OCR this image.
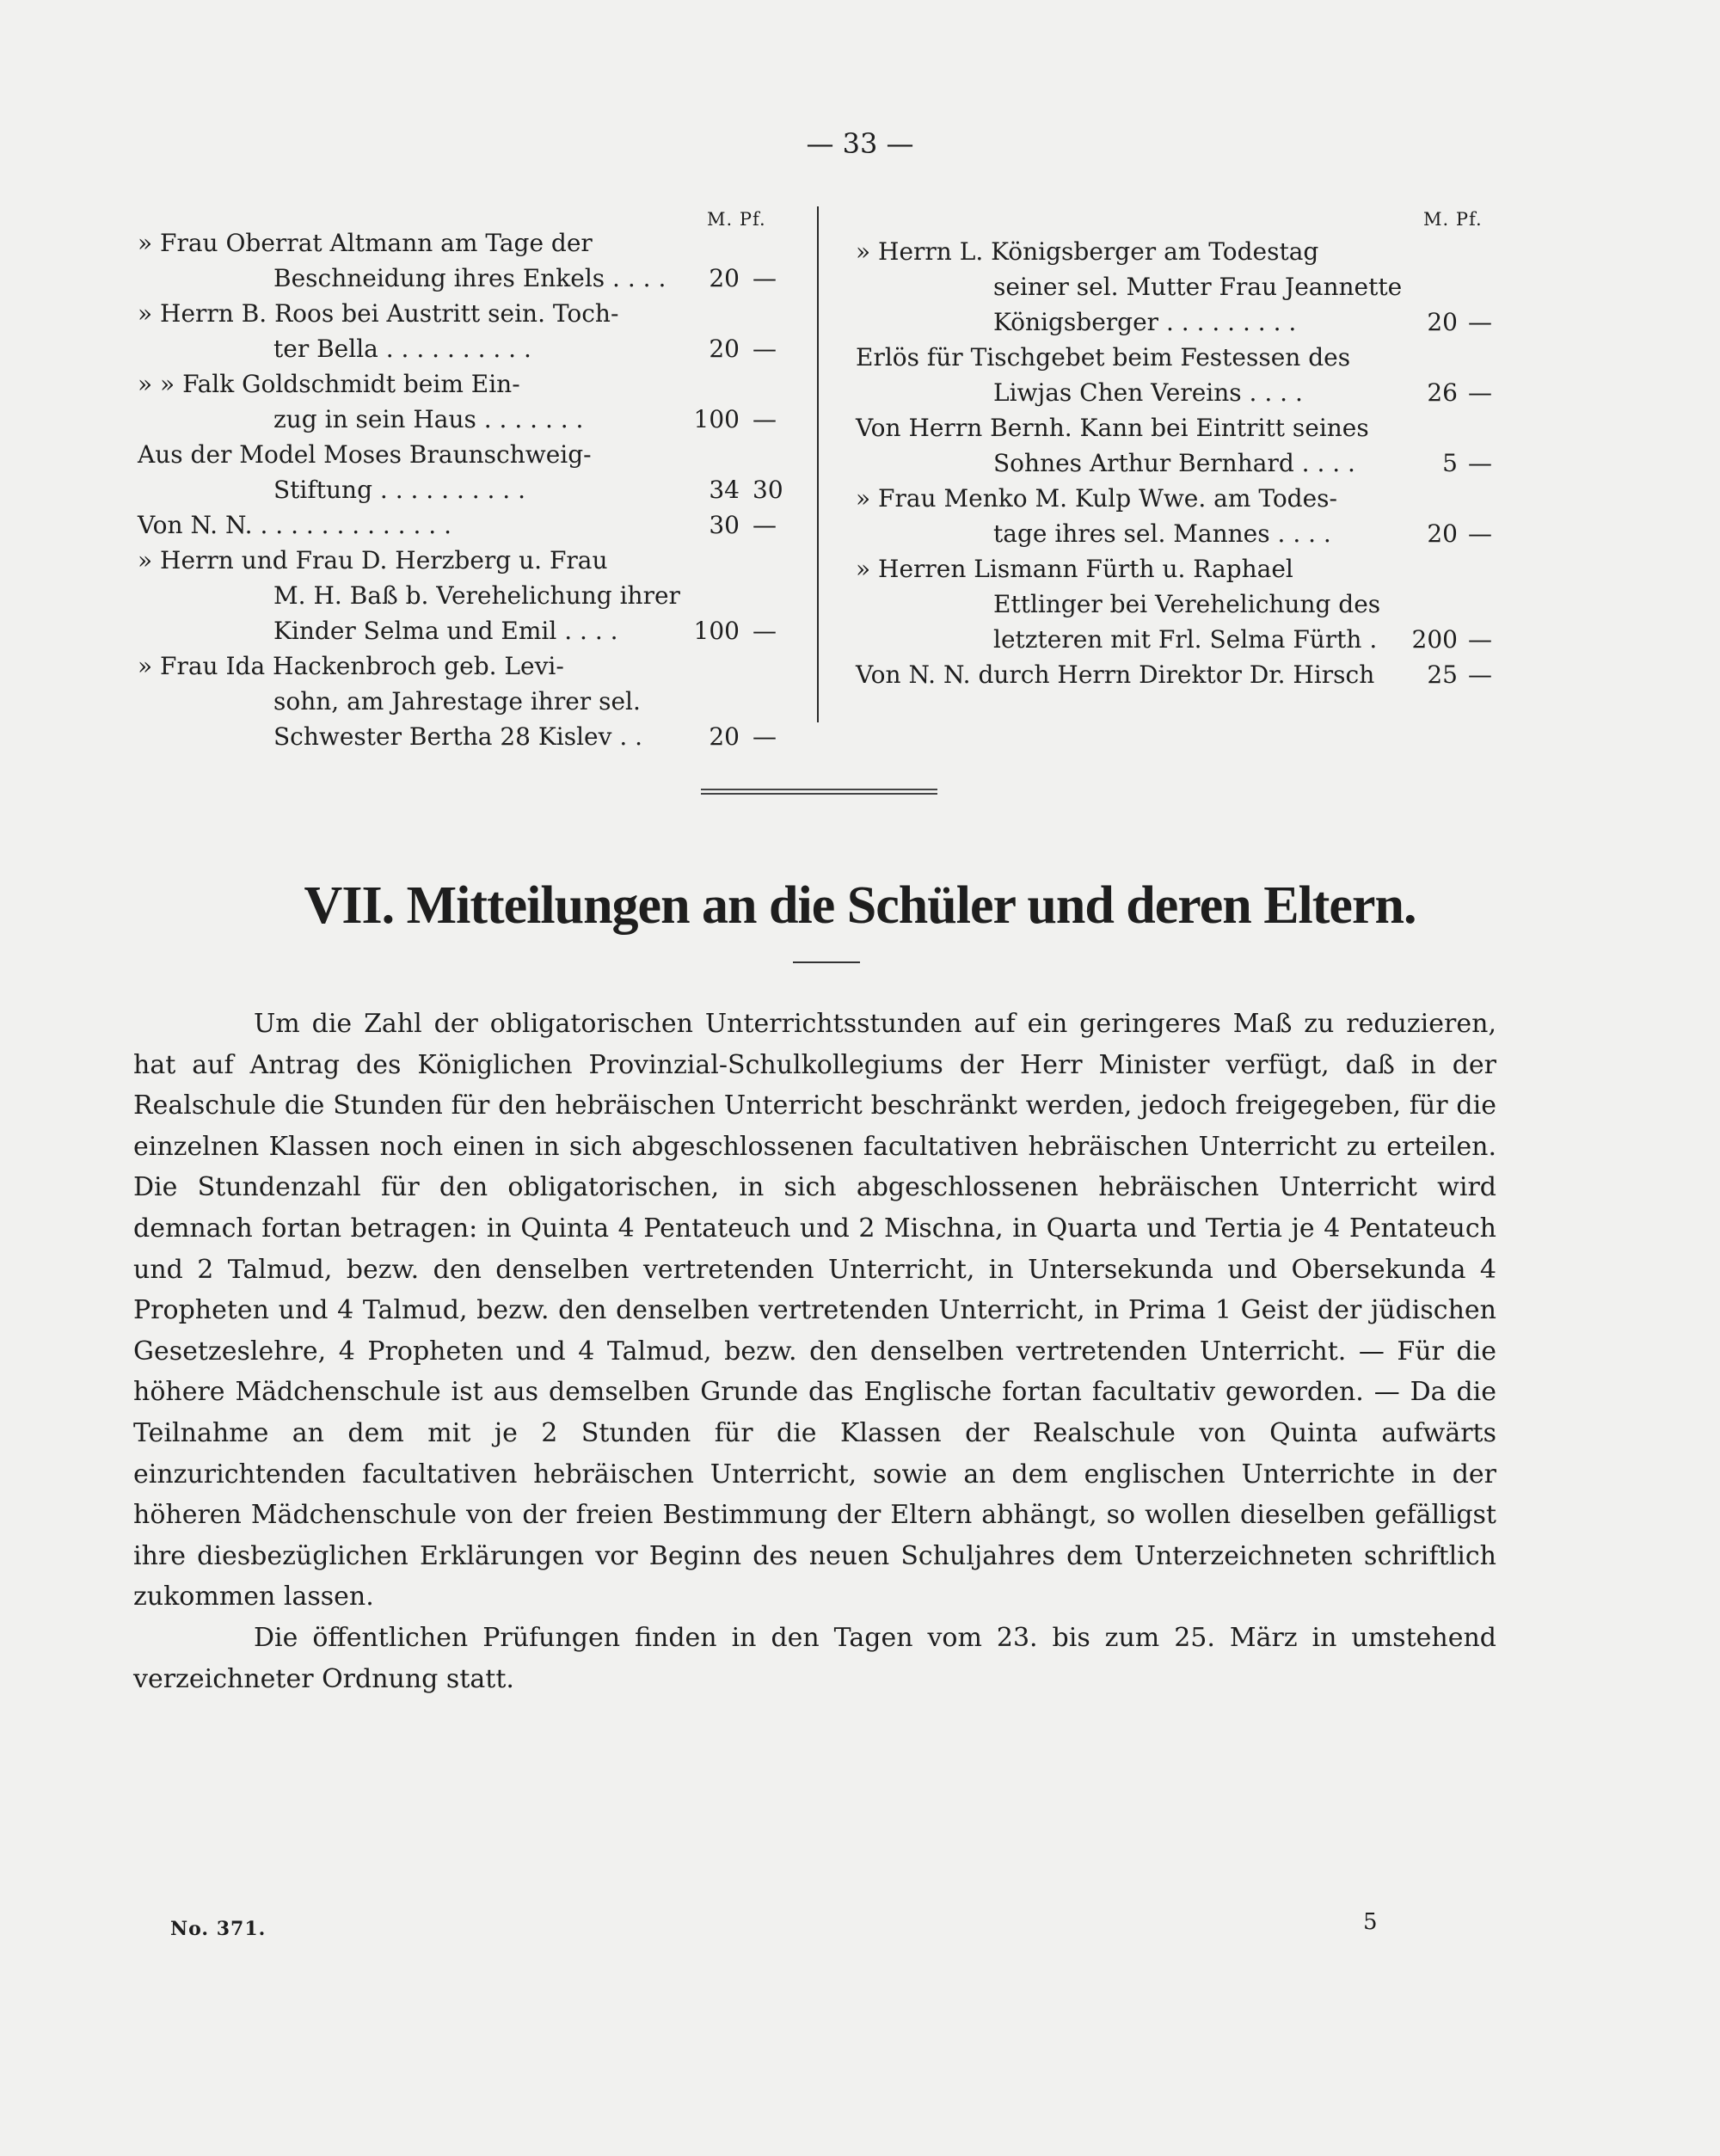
— 33 —
M. Pf.	M. Pf.
» Frau Oberrat Altmann am Tage der
Beschneidung ihres Enkels . . . .	20 —
» Herrn B. Roos bei Austritt sein. Toch-
ter Bella . . . . . . . . . .	20 —
» » Falk Goldschmidt beim Ein-
zug in sein Haus . . . . . . .	100 —
Aus der Model Moses Braunschweig-
Stiftung . . . . . . . . . .	34 30
Von N. N. . . . . . . . . . . . . .	30 —
» Herrn und Frau D. Herzberg u. Frau
M. H. Baß b. Verehelichung ihrer
Kinder Selma und Emil . . . .	100 —
» Frau Ida Hackenbroch geb. Levi-
sohn, am Jahrestage ihrer sel.
Schwester Bertha 28 Kislev . .	20 —
» Herrn L. Königsberger am Todestag
seiner sel. Mutter Frau Jeannette
Königsberger . . . . . . . . .	20 —
Erlös für Tischgebet beim Festessen des
Liwjas Chen Vereins . . . .	26 —
Von Herrn Bernh. Kann bei Eintritt seines
Sohnes Arthur Bernhard . . . .	5 —
» Frau Menko M. Kulp Wwe. am Todes-
tage ihres sel. Mannes . . . .	20 —
» Herren Lismann Fürth u. Raphael
Ettlinger bei Verehelichung des
letzteren mit Frl. Selma Fürth . 200 —
Von N. N. durch Herrn Direktor Dr. Hirsch	25 —
VII. Mitteilungen an die Schüler und deren Eltern.

Um die Zahl der obligatorischen Unterrichtsstunden auf ein geringeres Maß zu reduzieren, hat auf Antrag des Königlichen Provinzial-Schulkollegiums der Herr Minister verfügt, daß in der Realschule die Stunden für den hebräischen Unterricht beschränkt werden, jedoch freigegeben, für die einzelnen Klassen noch einen in sich abgeschlossenen facultativen hebräischen Unterricht zu erteilen. Die Stundenzahl für den obligatorischen, in sich abgeschlossenen hebräischen Unterricht wird demnach fortan betragen: in Quinta 4 Pentateuch und 2 Mischna, in Quarta und Tertia je 4 Pentateuch und 2 Talmud, bezw. den denselben vertretenden Unterricht, in Untersekunda und Obersekunda 4 Propheten und 4 Talmud, bezw. den denselben vertretenden Unterricht, in Prima 1 Geist der jüdischen Gesetzeslehre, 4 Propheten und 4 Talmud, bezw. den denselben vertretenden Unterricht. — Für die höhere Mädchenschule ist aus demselben Grunde das Englische fortan facultativ geworden. — Da die Teilnahme an dem mit je 2 Stunden für die Klassen der Realschule von Quinta aufwärts einzurichtenden facultativen hebräischen Unterricht, sowie an dem englischen Unterrichte in der höheren Mädchenschule von der freien Bestimmung der Eltern abhängt, so wollen dieselben gefälligst ihre diesbezüglichen Erklärungen vor Beginn des neuen Schuljahres dem Unterzeichneten schriftlich zukommen lassen.

Die öffentlichen Prüfungen finden in den Tagen vom 23. bis zum 25. März in umstehend verzeichneter Ordnung statt.

No. 371.	5
